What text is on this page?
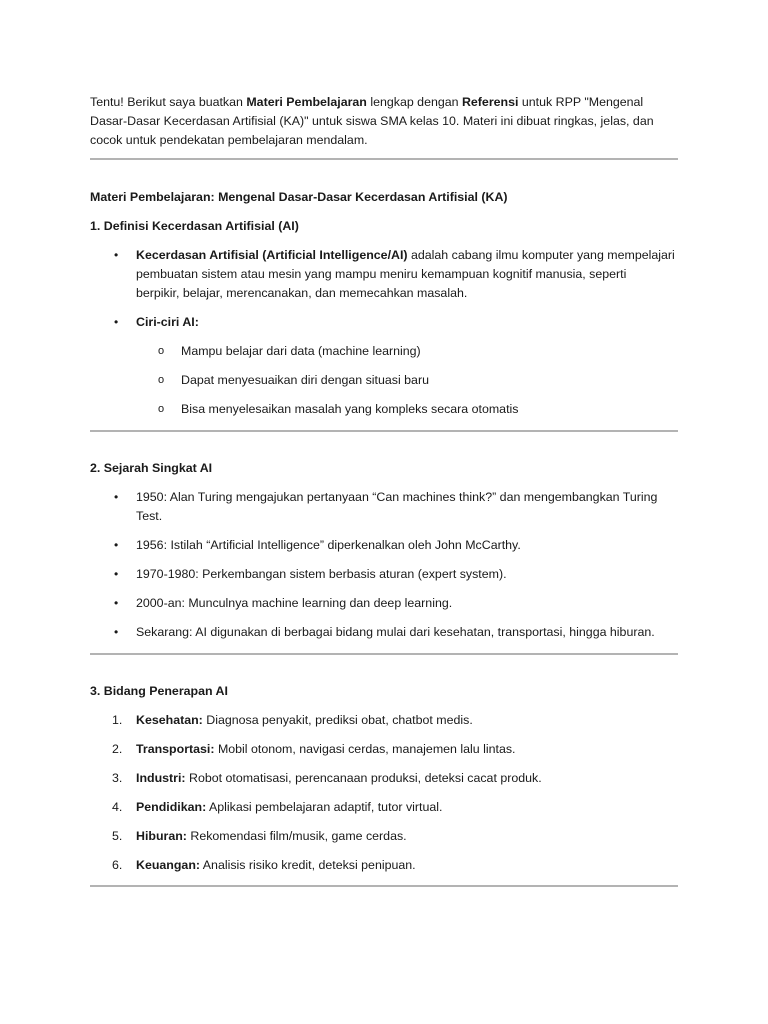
Tentu! Berikut saya buatkan Materi Pembelajaran lengkap dengan Referensi untuk RPP "Mengenal
Dasar-Dasar Kecerdasan Artifisial (KA)" untuk siswa SMA kelas 10. Materi ini dibuat ringkas, jelas, dan
cocok untuk pendekatan pembelajaran mendalam.
Materi Pembelajaran: Mengenal Dasar-Dasar Kecerdasan Artifisial (KA)
1. Definisi Kecerdasan Artifisial (AI)
• Kecerdasan Artifisial (Artificial Intelligence/AI) adalah cabang ilmu komputer yang mempelajari
pembuatan sistem atau mesin yang mampu meniru kemampuan kognitif manusia, seperti
berpikir, belajar, merencanakan, dan memecahkan masalah.
• Ciri-ciri AI:
o Mampu belajar dari data (machine learning)
o Dapat menyesuaikan diri dengan situasi baru
o Bisa menyelesaikan masalah yang kompleks secara otomatis
2. Sejarah Singkat AI
• 1950: Alan Turing mengajukan pertanyaan “Can machines think?” dan mengembangkan Turing
Test.
• 1956: Istilah “Artificial Intelligence” diperkenalkan oleh John McCarthy.
• 1970-1980: Perkembangan sistem berbasis aturan (expert system).
• 2000-an: Munculnya machine learning dan deep learning.
• Sekarang: AI digunakan di berbagai bidang mulai dari kesehatan, transportasi, hingga hiburan.
3. Bidang Penerapan AI
1. Kesehatan: Diagnosa penyakit, prediksi obat, chatbot medis.
2. Transportasi: Mobil otonom, navigasi cerdas, manajemen lalu lintas.
3. Industri: Robot otomatisasi, perencanaan produksi, deteksi cacat produk.
4. Pendidikan: Aplikasi pembelajaran adaptif, tutor virtual.
5. Hiburan: Rekomendasi film/musik, game cerdas.
6. Keuangan: Analisis risiko kredit, deteksi penipuan.
